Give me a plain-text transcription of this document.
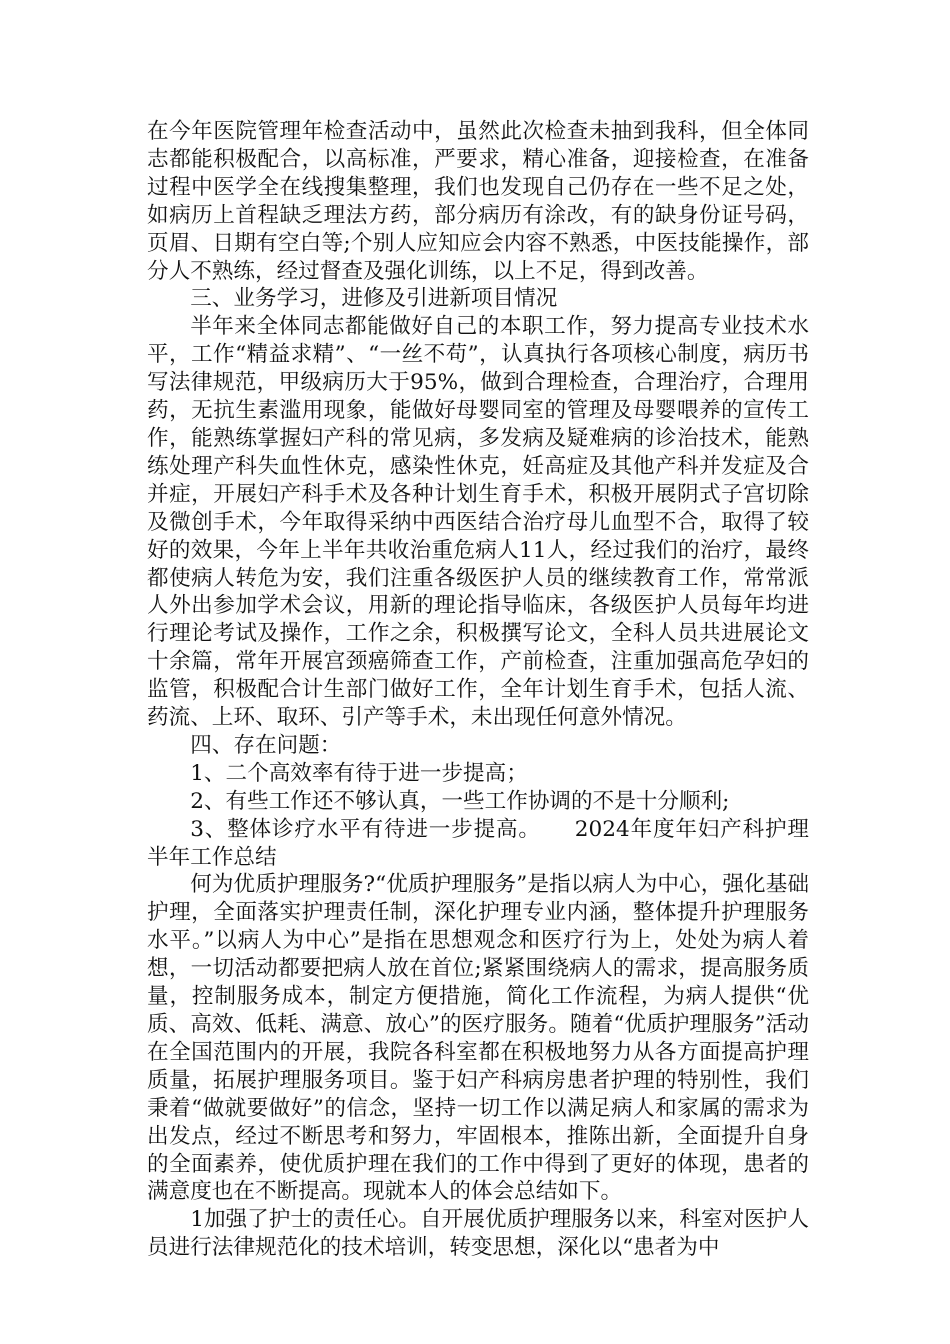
在今年医院管理年检查活动中，虽然此次检查未抽到我科，但全体同志都能积极配合，以高标准，严要求，精心准备，迎接检查，在准备过程中医学全在线搜集整理，我们也发现自己仍存在一些不足之处，如病历上首程缺乏理法方药，部分病历有涂改，有的缺身份证号码，页眉、日期有空白等;个别人应知应会内容不熟悉，中医技能操作，部分人不熟练，经过督查及强化训练，以上不足，得到改善。

三、业务学习，进修及引进新项目情况

半年来全体同志都能做好自己的本职工作，努力提高专业技术水平，工作“精益求精”、“一丝不苟”，认真执行各项核心制度，病历书写法律规范，甲级病历大于95%，做到合理检查，合理治疗，合理用药，无抗生素滥用现象，能做好母婴同室的管理及母婴喂养的宣传工作，能熟练掌握妇产科的常见病，多发病及疑难病的诊治技术，能熟练处理产科失血性休克，感染性休克，妊高症及其他产科并发症及合并症，开展妇产科手术及各种计划生育手术，积极开展阴式子宫切除及微创手术，今年取得采纳中西医结合治疗母儿血型不合，取得了较好的效果，今年上半年共收治重危病人11人，经过我们的治疗，最终都使病人转危为安，我们注重各级医护人员的继续教育工作，常常派人外出参加学术会议，用新的理论指导临床，各级医护人员每年均进行理论考试及操作，工作之余，积极撰写论文，全科人员共进展论文十余篇，常年开展宫颈癌筛查工作，产前检查，注重加强高危孕妇的监管，积极配合计生部门做好工作，全年计划生育手术，包括人流、药流、上环、取环、引产等手术，未出现任何意外情况。

四、存在问题：

1、二个高效率有待于进一步提高；

2、有些工作还不够认真，一些工作协调的不是十分顺利;

3、整体诊疗水平有待进一步提高。　　2024年度年妇产科护理半年工作总结

何为优质护理服务?“优质护理服务”是指以病人为中心，强化基础护理，全面落实护理责任制，深化护理专业内涵，整体提升护理服务水平。”以病人为中心”是指在思想观念和医疗行为上，处处为病人着想，一切活动都要把病人放在首位;紧紧围绕病人的需求，提高服务质量，控制服务成本，制定方便措施，简化工作流程，为病人提供“优质、高效、低耗、满意、放心”的医疗服务。随着“优质护理服务”活动在全国范围内的开展，我院各科室都在积极地努力从各方面提高护理质量，拓展护理服务项目。鉴于妇产科病房患者护理的特别性，我们秉着“做就要做好”的信念，坚持一切工作以满足病人和家属的需求为出发点，经过不断思考和努力，牢固根本，推陈出新，全面提升自身的全面素养，使优质护理在我们的工作中得到了更好的体现，患者的满意度也在不断提高。现就本人的体会总结如下。

1加强了护士的责任心。自开展优质护理服务以来，科室对医护人员进行法律规范化的技术培训，转变思想，深化以“患者为中
